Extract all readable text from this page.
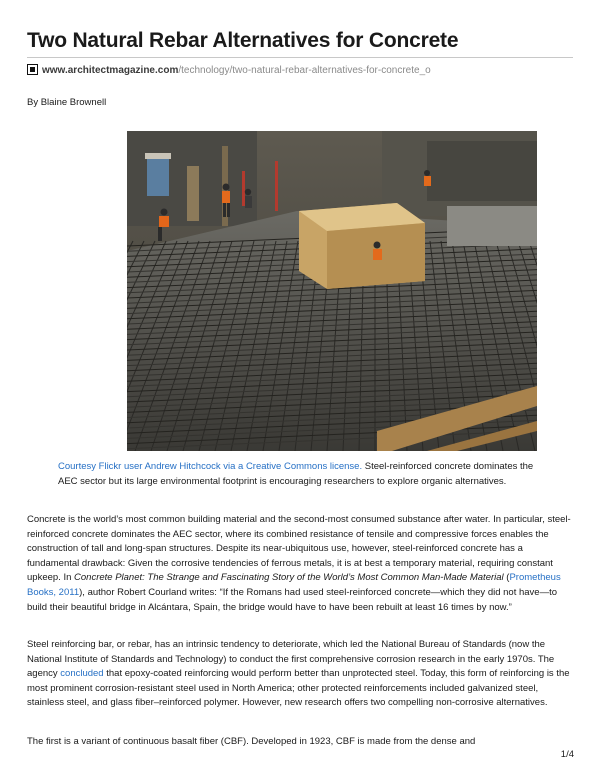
Two Natural Rebar Alternatives for Concrete
www.architectmagazine.com/technology/two-natural-rebar-alternatives-for-concrete_o
By Blaine Brownell

Courtesy Flickr user Andrew Hitchcock via a Creative Commons license. Steel-reinforced concrete dominates the AEC sector but its large environmental footprint is encouraging researchers to explore organic alternatives.

Concrete is the world’s most common building material and the second-most consumed substance after water. In particular, steel-reinforced concrete dominates the AEC sector, where its combined resistance of tensile and compressive forces enables the construction of tall and long-span structures. Despite its near-ubiquitous use, however, steel-reinforced concrete has a fundamental drawback: Given the corrosive tendencies of ferrous metals, it is at best a temporary material, requiring constant upkeep. In Concrete Planet: The Strange and Fascinating Story of the World’s Most Common Man-Made Material (Prometheus Books, 2011), author Robert Courland writes: “If the Romans had used steel-reinforced concrete—which they did not have—to build their beautiful bridge in Alcántara, Spain, the bridge would have to have been rebuilt at least 16 times by now.”

Steel reinforcing bar, or rebar, has an intrinsic tendency to deteriorate, which led the National Bureau of Standards (now the National Institute of Standards and Technology) to conduct the first comprehensive corrosion research in the early 1970s. The agency concluded that epoxy-coated reinforcing would perform better than unprotected steel. Today, this form of reinforcing is the most prominent corrosion-resistant steel used in North America; other protected reinforcements included galvanized steel, stainless steel, and glass fiber–reinforced polymer. However, new research offers two compelling non-corrosive alternatives.

The first is a variant of continuous basalt fiber (CBF). Developed in 1923, CBF is made from the dense and

1/4
